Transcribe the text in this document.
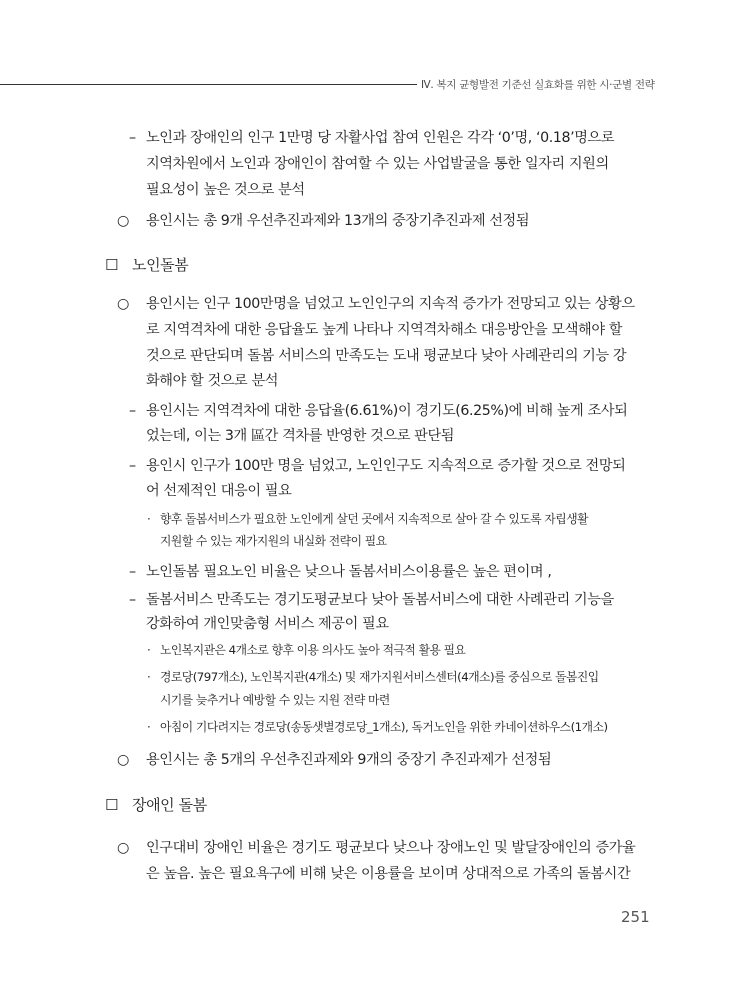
Ⅳ. 복지 균형발전 기준선 실효화를 위한 시·군별 전략
– 노인과 장애인의 인구 1만명 당 자활사업 참여 인원은 각각 ‘0’명, ‘0.18’명으로
지역차원에서 노인과 장애인이 참여할 수 있는 사업발굴을 통한 일자리 지원의
필요성이 높은 것으로 분석
○ 용인시는 총 9개 우선추진과제와 13개의 중장기추진과제 선정됨
☐ 노인돌봄
○ 용인시는 인구 100만명을 넘었고 노인인구의 지속적 증가가 전망되고 있는 상황으
로 지역격차에 대한 응답율도 높게 나타나 지역격차해소 대응방안을 모색해야 할
것으로 판단되며 돌봄 서비스의 만족도는 도내 평균보다 낮아 사례관리의 기능 강
화해야 할 것으로 분석
– 용인시는 지역격차에 대한 응답율(6.61%)이 경기도(6.25%)에 비해 높게 조사되
었는데, 이는 3개 區간 격차를 반영한 것으로 판단됨
– 용인시 인구가 100만 명을 넘었고, 노인인구도 지속적으로 증가할 것으로 전망되
어 선제적인 대응이 필요
· 향후 돌봄서비스가 필요한 노인에게 살던 곳에서 지속적으로 살아 갈 수 있도록 자립생활
지원할 수 있는 재가지원의 내실화 전략이 필요
– 노인돌봄 필요노인 비율은 낮으나 돌봄서비스이용률은 높은 편이며 ,
– 돌봄서비스 만족도는 경기도평균보다 낮아 돌봄서비스에 대한 사례관리 기능을
강화하여 개인맞춤형 서비스 제공이 필요
· 노인복지관은 4개소로 향후 이용 의사도 높아 적극적 활용 필요
· 경로당(797개소), 노인복지관(4개소) 및 재가지원서비스센터(4개소)를 중심으로 돌봄진입
시기를 늦추거나 예방할 수 있는 지원 전략 마련
· 아침이 기다려지는 경로당(송동샛별경로당_1개소), 독거노인을 위한 카네이션하우스(1개소)
○ 용인시는 총 5개의 우선추진과제와 9개의 중장기 추진과제가 선정됨
☐ 장애인 돌봄
○ 인구대비 장애인 비율은 경기도 평균보다 낮으나 장애노인 및 발달장애인의 증가율
은 높음. 높은 필요욕구에 비해 낮은 이용률을 보이며 상대적으로 가족의 돌봄시간
251
